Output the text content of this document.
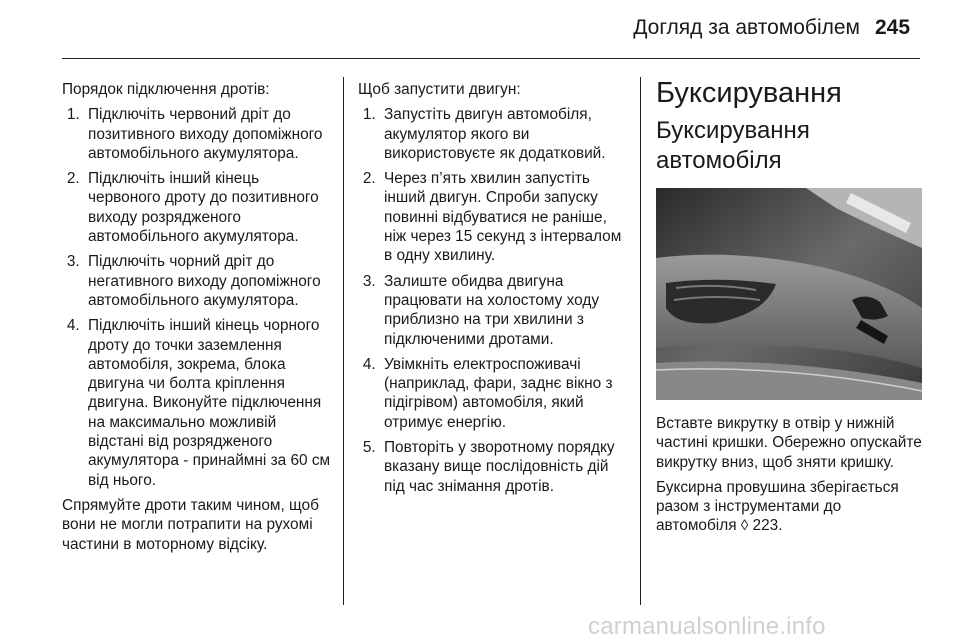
Догляд за автомобілем 245

Порядок підключення дротів:

1. Підключіть червоний дріт до позитивного виходу допоміжного автомобільного акумулятора.
2. Підключіть інший кінець червоного дроту до позитивного виходу розрядженого автомобільного акумулятора.
3. Підключіть чорний дріт до негативного виходу допоміжного автомобільного акумулятора.
4. Підключіть інший кінець чорного дроту до точки заземлення автомобіля, зокрема, блока двигуна чи болта кріплення двигуна. Виконуйте підключення на максимально можливій відстані від розрядженого акумулятора - принаймні за 60 см від нього.

Спрямуйте дроти таким чином, щоб вони не могли потрапити на рухомі частини в моторному відсіку.

Щоб запустити двигун:

1. Запустіть двигун автомобіля, акумулятор якого ви використовуєте як додатковий.
2. Через п’ять хвилин запустіть інший двигун. Спроби запуску повинні відбуватися не раніше, ніж через 15 секунд з інтервалом в одну хвилину.
3. Залиште обидва двигуна працювати на холостому ходу приблизно на три хвилини з підключеними дротами.
4. Увімкніть електроспоживачі (наприклад, фари, заднє вікно з підігрівом) автомобіля, який отримує енергію.
5. Повторіть у зворотному порядку вказану вище послідовність дій під час знімання дротів.
Буксирування
Буксирування автомобіля

Вставте викрутку в отвір у нижній частині кришки. Обережно опускайте викрутку вниз, щоб зняти кришку.

Буксирна провушина зберігається разом з інструментами до автомобіля ◊ 223.

carmanualsonline.info
